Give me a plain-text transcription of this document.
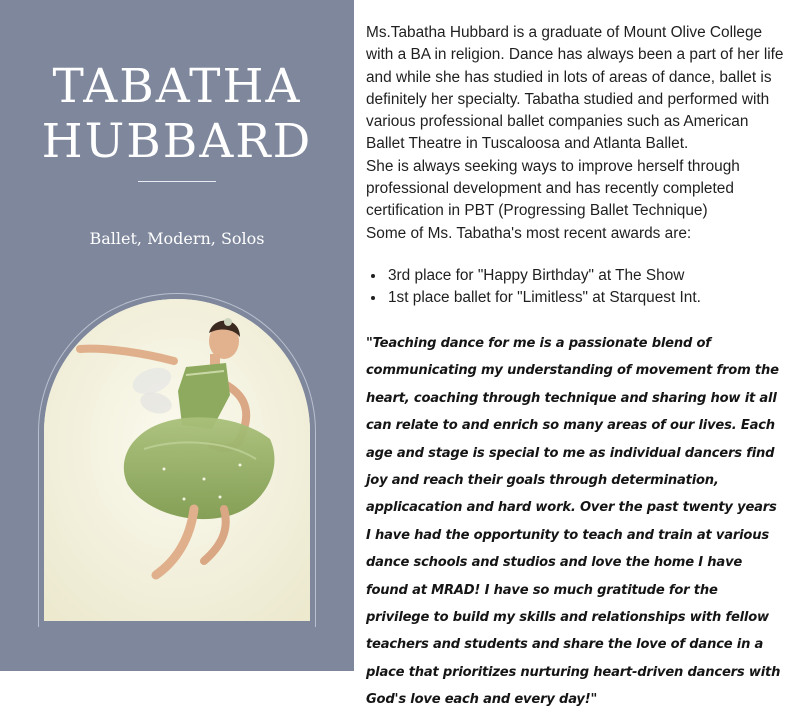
TABATHA
HUBBARD
Ballet, Modern, Solos

Ms.Tabatha Hubbard is a graduate of Mount Olive College with a BA in religion. Dance has always been a part of her life and while she has studied in lots of areas of dance, ballet is definitely her specialty. Tabatha studied and performed with various professional ballet companies such as American Ballet Theatre in Tuscaloosa and Atlanta Ballet.

She is always seeking ways to improve herself through professional development and has recently completed certification in PBT (Progressing Ballet Technique)

Some of Ms. Tabatha's most recent awards are:

• 3rd place for "Happy Birthday" at The Show
• 1st place ballet for "Limitless" at Starquest Int.
"Teaching dance for me is a passionate blend of communicating my understanding of movement from the heart, coaching through technique and sharing how it all can relate to and enrich so many areas of our lives. Each age and stage is special to me as individual dancers find joy and reach their goals through determination, applicacation and hard work. Over the past twenty years I have had the opportunity to teach and train at various dance schools and studios and love the home I have found at MRAD! I have so much gratitude for the privilege to build my skills and relationships with fellow teachers and students and share the love of dance in a place that prioritizes nurturing heart-driven dancers with God's love each and every day!"
